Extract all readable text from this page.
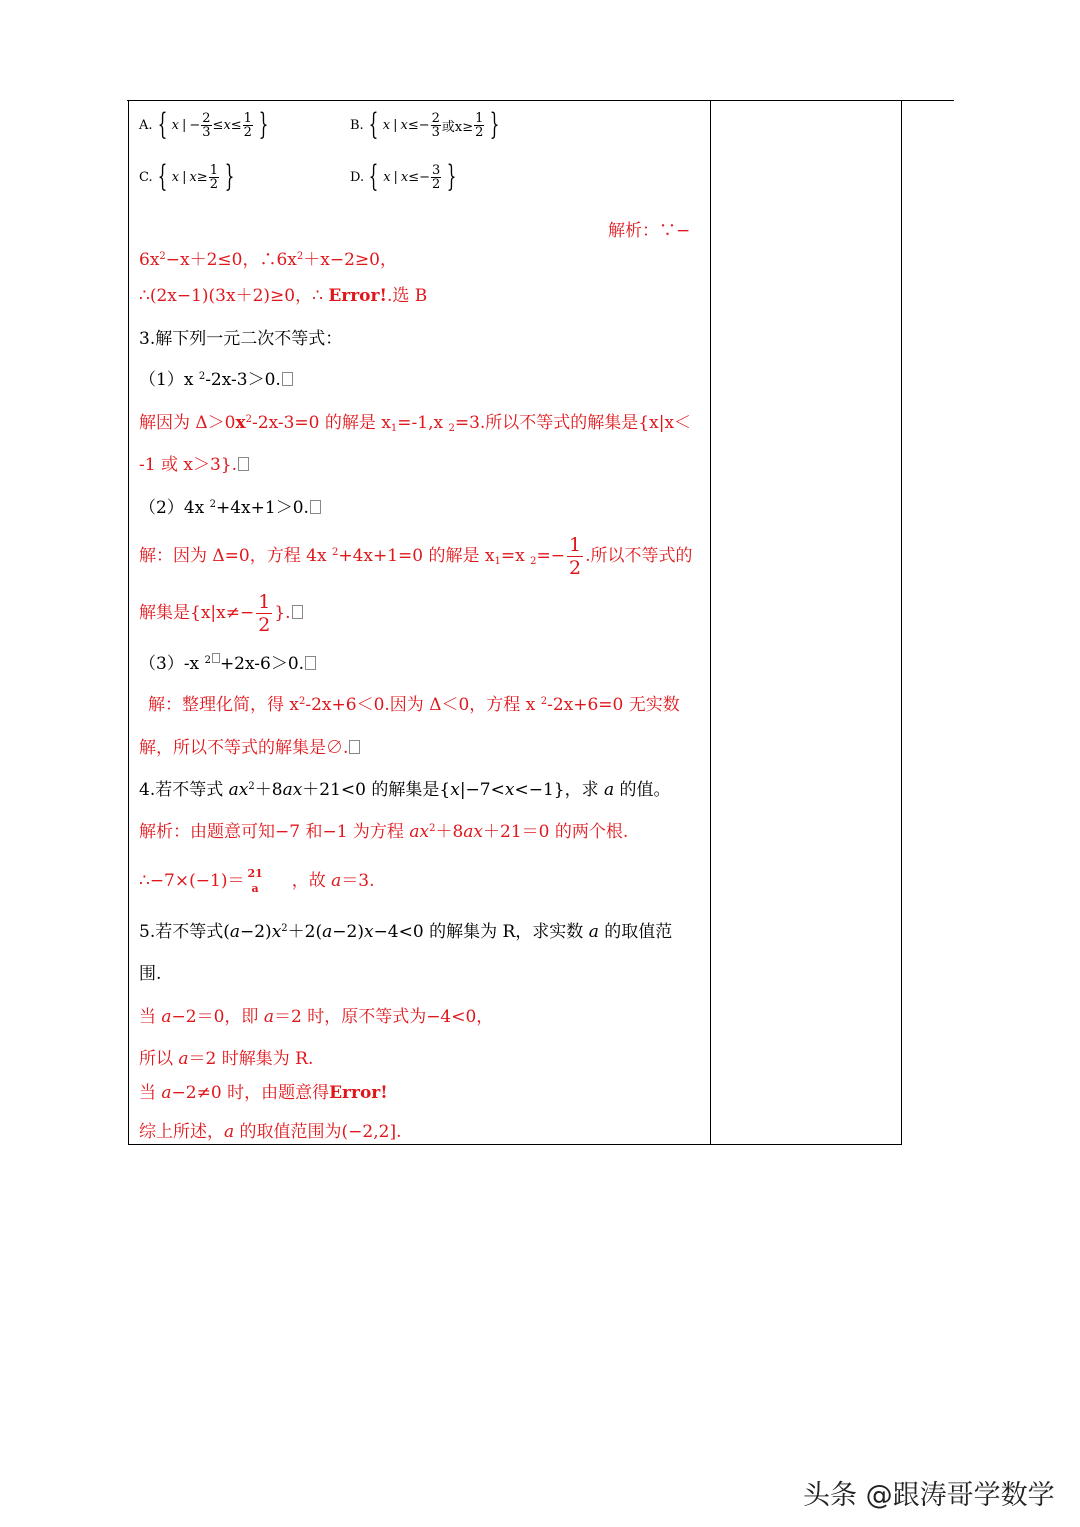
A. { x | − $\frac{2}{3} \le x\le \frac{1}{2}$ }	B. { x | $x\le- \frac{2}{3}$ 或$x\ge \frac{1}{2}$ }
C. { x | $x\ge \frac{1}{2}$ }	D. { x | $x\le- \frac{3}{2}$ }
解析：∵−
$6x^2-x+2\le 0$，$\therefore 6x^2+x-2\ge 0$，
∴(2x−1)(3x＋2)≥0，∴ Error!.选 B
3.解下列一元二次不等式：
（1）x $^2$-2x-3＞0.
解因为 $\Delta>0x^2-2x-3=0$ 的解是 $x_1=-1,x$ $_2$=3.所以不等式的解集是{x|x＜
-1 或 x＞3}.
（2）4x $^2$+4x+1＞0.
解：因为 Δ=0，方程 4x $^2$+4x+1=0 的解是 $x_1=x$ $_2=- \frac{1}{2}$ .所以不等式的
解集是{$x|x\ne- \frac{1}{2}$ }.
（3）-x $^2$ +2x-6＞0.
解：整理化简，得 $x^2-2x+6<0$.因为 Δ＜0，方程 x $^2$-2x+6=0 无实数
解，所以不等式的解集是∅.
4.若不等式 $ax^2+8ax+21<0$ 的解集是{x|−7<x<−1}，求 a 的值。
解析：由题意可知−7 和−1 为方程 $ax^2+8ax+21=0$ 的两个根.
∴−7×(−1)＝ 21
a ，故 a＝3.
5.若不等式$(a-2)x^2+2(a-2)x-4<0$ 的解集为 R，求实数 a 的取值范
围.
当 a−2＝0，即 a＝2 时，原不等式为−4<0，
所以 a＝2 时解集为 R.
当 a−2≠0 时，由题意得Error!
综上所述，a 的取值范围为(−2,2].
头条 @跟涛哥学数学
